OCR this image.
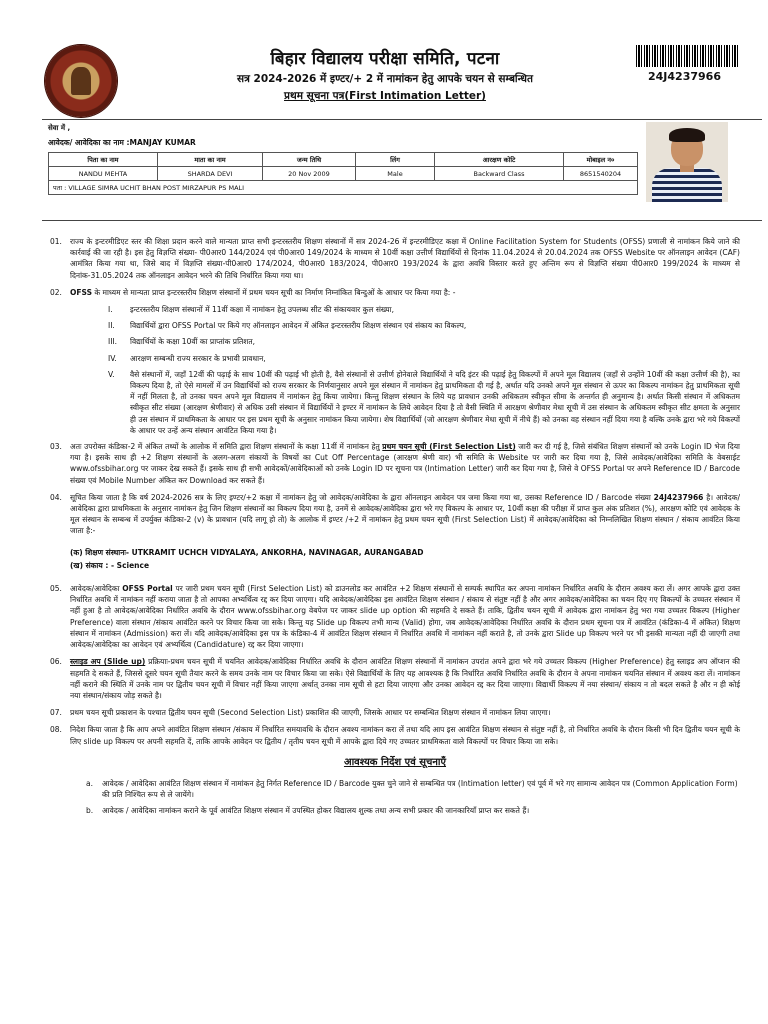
बिहार विद्यालय परीक्षा समिति, पटना
सत्र 2024-2026 में इण्टर/+ 2 में नामांकन हेतु आपके चयन से सम्बन्धित
प्रथम सूचना पत्र(First Intimation Letter)
24J4237966
सेवा में ,
आवेदक/ आवेदिका का नाम :MANJAY KUMAR
पिता का नाम	माता का नाम	जन्म तिथि	लिंग	आरक्षण कोटि	मोबाइल न०
NANDU MEHTA	SHARDA DEVI	20 Nov 2009	Male	Backward Class	8651540204
पता : VILLAGE SIMRA UCHIT BHAN POST MIRZAPUR PS MALI					
01.	राज्य के इन्टरमीडिएट स्तर की शिक्षा प्रदान करने वाले मान्यता प्राप्त सभी इन्टरस्तरीय शिक्षण संस्थानों में सत्र 2024-26 में इन्टरमीडिएट कक्षा में Online Facilitation System for Students (OFSS) प्रणाली से नामांकन किये जाने की कार्रवाई की जा रही है। इस हेतु विज्ञप्ति संख्या- पी0आर0 144/2024 एवं पी0आर0 149/2024 के माध्यम से 10वीं कक्षा उत्तीर्ण विद्यार्थियों से दिनांक 11.04.2024 से 20.04.2024 तक OFSS Website पर ऑनलाइन आवेदन (CAF) आमंत्रित किया गया था, जिसे बाद में विज्ञप्ति संख्या-पी0आर0 174/2024, पी0आर0 183/2024, पी0आर0 193/2024 के द्वारा अवधि विस्तार करते हुए अन्तिम रूप से विज्ञप्ति संख्या पी0आर0 199/2024 के माध्यम से दिनांक-31.05.2024 तक ऑनलाइन आवेदन भरने की तिथि निर्धारित किया गया था।
02.	OFSS के माध्यम से मान्यता प्राप्त इन्टरस्तरीय शिक्षण संस्थानों में प्रथम चयन सूची का निर्माण निम्नांकित बिन्दुओं के आधार पर किया गया है: -
I.	इन्टरस्तरीय शिक्षण संस्थानों में 11वीं कक्षा में नामांकन हेतु उपलब्ध सीट की संकायवार कुल संख्या,
II.	विद्यार्थियों द्वारा OFSS Portal पर किये गए ऑनलाइन आवेदन में अंकित इन्टरस्तरीय शिक्षण संस्थान एवं संकाय का विकल्प,
III.	विद्यार्थियों के कक्षा 10वीं का प्राप्तांक प्रतिशत,
IV.	आरक्षण सम्बन्धी राज्य सरकार के प्रभावी प्रावधान,
V.	वैसे संस्थानों में, जहाँ 12वीं की पढ़ाई के साथ 10वीं की पढ़ाई भी होती है, वैसे संस्थानों से उत्तीर्ण होनेवाले विद्यार्थियों ने यदि इंटर की पढ़ाई हेतु विकल्पों में अपने मूल विद्यालय (जहाँ से उन्होंने 10वीं की कक्षा उत्तीर्ण की है), का विकल्प दिया है, तो ऐसे मामलों में उन विद्यार्थियों को राज्य सरकार के निर्णयानुसार अपने मूल संस्थान में नामांकन हेतु प्राथमिकता दी गई है, अर्थात यदि उनको अपने मूल संस्थान से ऊपर का विकल्प नामांकन हेतु प्राथमिकता सूची में नहीं मिलता है, तो उनका चयन अपने मूल विद्यालय में नामांकन हेतु किया जायेगा। किन्तु शिक्षण संस्थान के लिये यह प्रावधान उनकी अधिकतम स्वीकृत सीमा के अन्तर्गत ही अनुमान्य है। अर्थात किसी संस्थान में अधिकतम स्वीकृत सीट संख्या (आरक्षण श्रेणीवार) से अधिक उसी संस्थान में विद्यार्थियों ने इण्टर में नामांकन के लिये आवेदन दिया है तो वैसी स्थिति में आरक्षण श्रेणीवार मेधा सूची में उस संस्थान के अधिकतम स्वीकृत सीट क्षमता के अनुसार ही उस संस्थान में प्राथमिकता के आधार पर इस प्रथम सूची के अनुसार नामांकन किया जायेगा। शेष विद्यार्थियों (जो आरक्षण श्रेणीवार मेधा सूची में नीचे हैं) को उनका वह संस्थान नहीं दिया गया है बल्कि उनके द्वारा भरे गये विकल्पों के आधार पर उन्हें अन्य संस्थान आवंटित किया गया है।
03.	अतः उपरोक्त कंडिका-2 में अंकित तथ्यों के आलोक में समिति द्वारा शिक्षण संस्थानों के कक्षा 11वीं में नामांकन हेतु प्रथम चयन सूची (First Selection List) जारी कर दी गई है, जिसे संबंधित शिक्षण संस्थानों को उनके Login ID भेज दिया गया है। इसके साथ ही +2 शिक्षण संस्थानों के अलग-अलग संकायों के विषयों का Cut Off Percentage (आरक्षण श्रेणी वार) भी समिति के Website पर जारी कर दिया गया है, जिसे आवेदक/आवेदिका समिति के वेबसाईट www.ofssbihar.org पर जाकर देख सकते हैं। इसके साथ ही सभी आवेदकों/आवेदिकाओं को उनके Login ID पर सूचना पत्र (Intimation Letter) जारी कर दिया गया है, जिसे वे OFSS Portal पर अपने Reference ID / Barcode संख्या एवं Mobile Number अंकित कर Download कर सकते हैं।
04.	सूचित किया जाता है कि वर्ष 2024-2026 सत्र के लिए इण्टर/+2 कक्षा में नामांकन हेतु जो आवेदक/आवेदिका के द्वारा ऑनलाइन आवेदन पत्र जमा किया गया था, उसका Reference ID / Barcode संख्या 24J4237966 है। आवेदक/आवेदिका द्वारा प्राथमिकता के अनुसार नामांकन हेतु जिन शिक्षण संस्थानों का विकल्प दिया गया है, उनमें से आवेदक/आवेदिका द्वारा भरे गए विकल्प के आधार पर, 10वीं कक्षा की परीक्षा में प्राप्त कुल अंक प्रतिशत (%), आरक्षण कोटि एवं आवेदक के मूल संस्थान के सम्बन्ध में उपर्युक्त कंडिका-2 (v) के प्रावधान (यदि लागू हो तो) के आलोक में इण्टर /+2 में नामांकन हेतु प्रथम चयन सूची (First Selection List) में आवेदक/आवेदिका को निम्नलिखित शिक्षण संस्थान / संकाय आवंटित किया जाता है:-
(क) शिक्षण संस्थानः- UTKRAMIT UCHCH VIDYALAYA, ANKORHA, NAVINAGAR, AURANGABAD
(ख) संकाय : - Science
05.	आवेदक/आवेदिका OFSS Portal पर जारी प्रथम चयन सूची (First Selection List) को डाउनलोड कर आवंटित +2 शिक्षण संस्थानों से सम्पर्क स्थापित कर अपना नामांकन निर्धारित अवधि के दौरान अवश्य करा लें। अगर आपके द्वारा उक्त निर्धारित अवधि में नामांकन नहीं कराया जाता है तो आपका अभ्यर्थित्व रद्द कर दिया जाएगा। यदि आवेदक/आवेदिका इस आवंटित शिक्षण संस्थान / संकाय से संतुष्ट नहीं है और अगर आवेदक/आवेदिका का चयन दिए गए विकल्पों के उच्चतर संस्थान में नहीं हुआ है तो आवेदक/आवेदिका निर्धारित अवधि के दौरान www.ofssbihar.org वेबपेज पर जाकर slide up option की सहमति दे सकते हैं। ताकि, द्वितीय चयन सूची में आवेदक द्वारा नामांकन हेतु भरा गया उच्चतर विकल्प (Higher Preference) वाला संस्थान /संकाय आवंटित करने पर विचार किया जा सके। किन्तु यह Slide up विकल्प तभी मान्य (Valid) होगा, जब आवेदक/आवेदिका निर्धारित अवधि के दौरान प्रथम सूचना पत्र में आवंटित (कंडिका-4 में अंकित) शिक्षण संस्थान में नामांकन (Admission) करा लें। यदि आवेदक/आवेदिका इस पत्र के कंडिका-4 में आवंटित शिक्षण संस्थान में निर्धारित अवधि में नामांकन नहीं कराते है, तो उनके द्वारा Slide up विकल्प भरने पर भी इसकी मान्यता नहीं दी जाएगी तथा आवेदक/आवेदिका का आवेदन एवं अभ्यर्थित्व (Candidature) रद्द कर दिया जाएगा।
06.	स्लाइड अप (Slide up) प्रक्रियाः-प्रथम चयन सूची में चयनित आवेदक/आवेदिका निर्धारित अवधि के दौरान आवंटित शिक्षण संस्थानों में नामांकन उपरांत अपने द्वारा भरे गये उच्चतर विकल्प (Higher Preference) हेतु स्लाइड अप ऑप्शन की सहमति दे सकते हैं, जिससे दूसरे चयन सूची तैयार करने के समय उनके नाम पर विचार किया जा सके। ऐसे विद्यार्थियों के लिए यह आवश्यक है कि निर्धारित अवधि निर्धारित अवधि के दौरान वे अपना नामांकन चयनित संस्थान में अवश्य करा लें। नामांकन नहीं कराने की स्थिति में उनके नाम पर द्वितीय चयन सूची में विचार नहीं किया जाएगा अर्थात् उनका नाम सूची से हटा दिया जाएगा और उनका आवेदन रद्द कर दिया जाएगा। विद्यार्थी विकल्प में नया संस्थान/ संकाय न तो बदल सकते है और न ही कोई नया संस्थान/संकाय जोड़ सकते है।
07.	प्रथम चयन सूची प्रकाशन के पश्चात द्वितीय चयन सूची (Second Selection List) प्रकाशित की जाएगी, जिसके आधार पर सम्बन्धित शिक्षण संस्थान में नामांकन लिया जाएगा।
08.	निदेश किया जाता है कि आप अपने आवंटित शिक्षण संस्थान /संकाय में निर्धारित समयावधि के दौरान अवश्य नामांकन करा लें तथा यदि आप इस आवंटित शिक्षण संस्थान से संतुष्ट नहीं है, तो निर्धारित अवधि के दौरान किसी भी दिन द्वितीय चयन सूची के लिए slide up विकल्प पर अपनी सहमति दें, ताकि आपके आवेदन पर द्वितीय / तृतीय चयन सूची में आपके द्वारा दिये गए उच्चतर प्राथमिकता वाले विकल्पों पर विचार किया जा सके।
आवश्यक निर्देश एवं सूचनाएँ
a.	आवेदक / आवेदिका आवंटित शिक्षण संस्थान में नामांकन हेतु निर्गत Reference ID / Barcode युक्त चुने जाने से सम्बन्धित पत्र (Intimation letter) एवं पूर्व में भरे गए सामान्य आवेदन पत्र (Common Application Form) की प्रति निश्चित रूप से ले जायेंगे।
b.	आवेदक / आवेदिका नामांकन कराने के पूर्व आवंटित शिक्षण संस्थान में उपस्थित होकर विद्यालय शुल्क तथा अन्य सभी प्रकार की जानकारियाँ प्राप्त कर सकते हैं।
